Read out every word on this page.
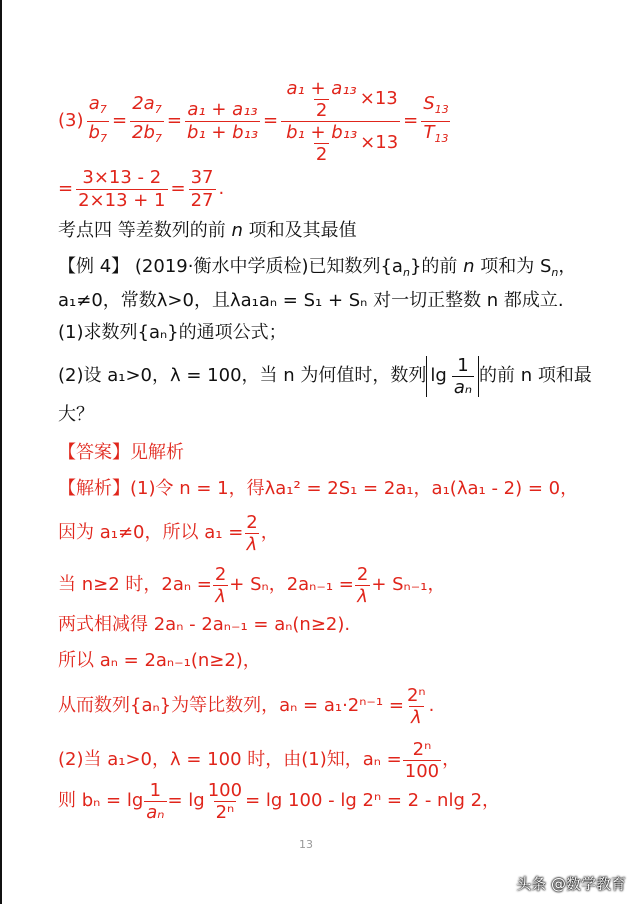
$(3) \frac{a_7}{b_7} = \frac{2a_7}{2b_7} = \frac{\text{a₁ + a₁₃}}{\text{b₁ + b₁₃}} = \frac{\frac{\text{a₁ + a₁₃}}{2} \times 13}{\frac{\text{b₁ + b₁₃}}{2} \times 13} = \frac{S_{13}}{T_{13}}$
= $\frac{3\times 13 - 2}{2\times 13 + 1} = \frac{37}{27}$ .
考点四 等差数列的前 n 项和及其最值
【例 4】 (2019·衡水中学质检)已知数列$\{a_n\}$的前 n 项和为 $S_n$，
a₁≠0，常数λ>0，且λa₁aₙ = S₁ + Sₙ 对一切正整数 n 都成立.
(1)求数列{aₙ}的通项公式；
(2)设 a₁>0，λ = 100，当 n 为何值时，数列 $\lg \frac{1}{\text{aₙ}}$ 的前 n 项和最
大？
【答案】见解析
【解析】(1)令 n = 1，得λa₁² = 2S₁ = 2a₁，a₁(λa₁ - 2) = 0，
因为 a₁≠0，所以 $a_1 = \frac{2}{\lambda}$ ，
当 n≥2 时，$2a_n = \frac{2}{\lambda} + S_n$，$2a_{n-1} = \frac{2}{\lambda} + S_{n-1}$，
两式相减得 2aₙ - 2aₙ₋₁ = aₙ(n≥2).
所以 aₙ = 2aₙ₋₁(n≥2)，
从而数列{aₙ}为等比数列，$a_n = a_1\cdot 2^{n-1} = \frac{\text{2ⁿ}}{\lambda}$ .
(2)当 a₁>0，λ = 100 时，由(1)知，$a_n = \frac{\text{2ⁿ}}{100}$ ，
则 $b_n = \lg \frac{1}{\text{aₙ}} = \lg \frac{100}{\text{2ⁿ}} = \lg 100 - \lg 2^n = 2 - nlg$ 2，
13
头条 @数学教育
